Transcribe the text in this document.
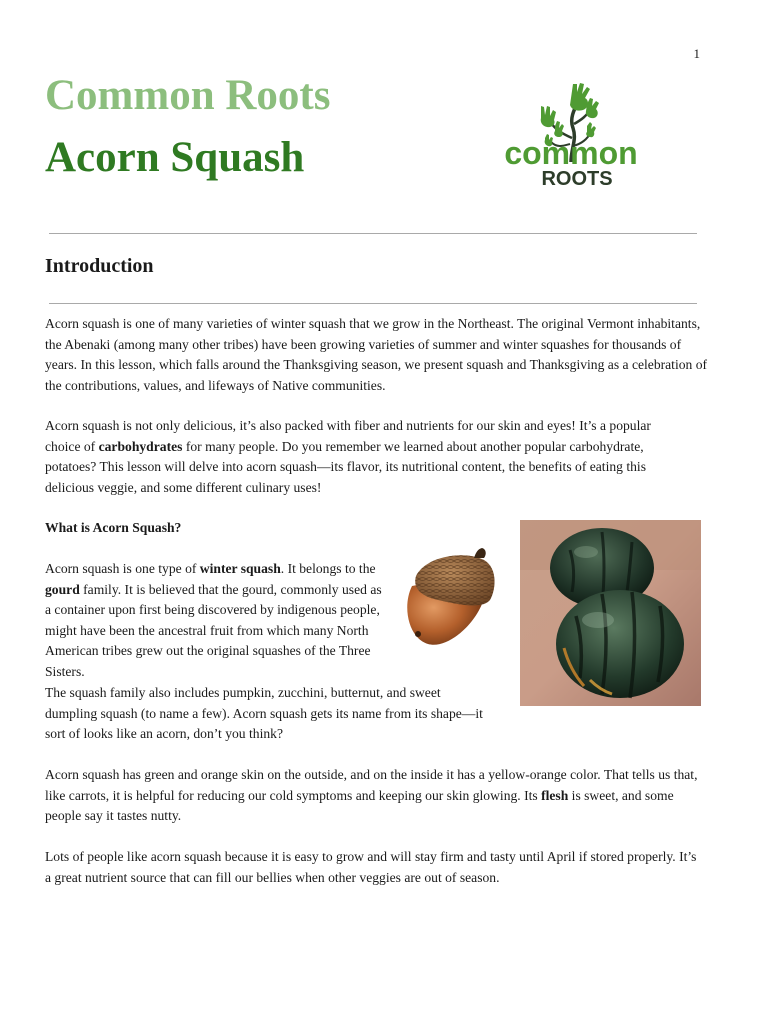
1
Common Roots
Acorn Squash	common
ROOTS
Introduction

Acorn squash is one of many varieties of winter squash that we grow in the Northeast. The original Vermont inhabitants, the Abenaki (among many other tribes) have been growing varieties of summer and winter squashes for thousands of years. In this lesson, which falls around the Thanksgiving season, we present squash and Thanksgiving as a celebration of the contributions, values, and lifeways of Native communities.

Acorn squash is not only delicious, it’s also packed with fiber and nutrients for our skin and eyes! It’s a popular choice of carbohydrates for many people. Do you remember we learned about another popular carbohydrate, potatoes? This lesson will delve into acorn squash—its flavor, its nutritional content, the benefits of eating this delicious veggie, and some different culinary uses!

What is Acorn Squash?

Acorn squash is one type of winter squash. It belongs to the gourd family. It is believed that the gourd, commonly used as a container upon first being discovered by indigenous people, might have been the ancestral fruit from which many North American tribes grew out the original squashes of the Three Sisters.

The squash family also includes pumpkin, zucchini, butternut, and sweet dumpling squash (to name a few). Acorn squash gets its name from its shape—it sort of looks like an acorn, don’t you think?

Acorn squash has green and orange skin on the outside, and on the inside it has a yellow-orange color. That tells us that, like carrots, it is helpful for reducing our cold symptoms and keeping our skin glowing. Its flesh is sweet, and some people say it tastes nutty.

Lots of people like acorn squash because it is easy to grow and will stay firm and tasty until April if stored properly. It’s a great nutrient source that can fill our bellies when other veggies are out of season.
